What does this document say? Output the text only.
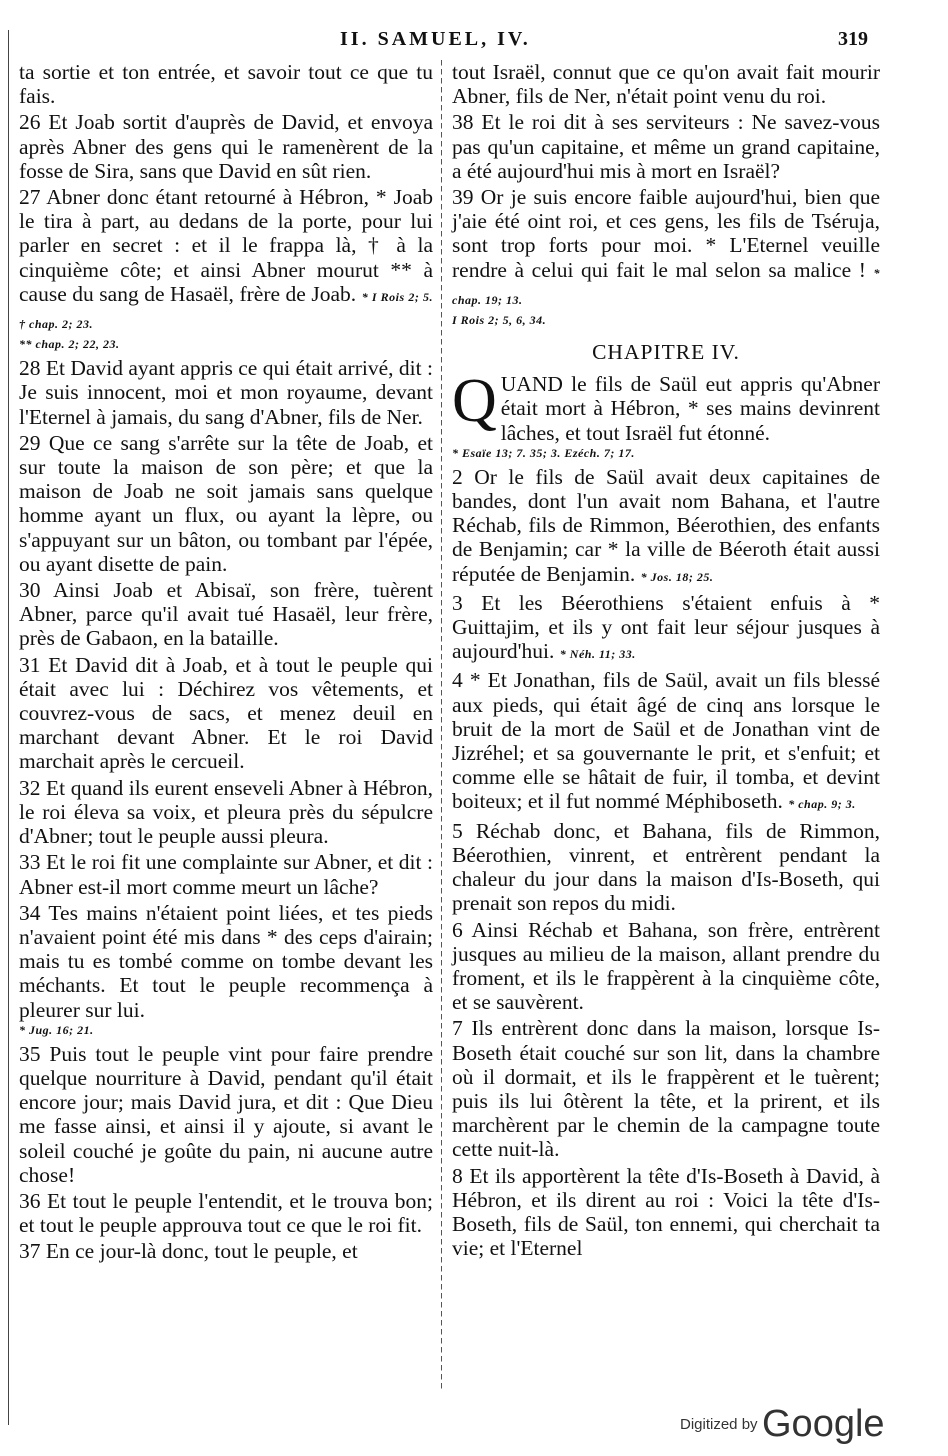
II. SAMUEL, IV.	319

ta sortie et ton entrée, et savoir tout ce que tu fais.

26 Et Joab sortit d'auprès de David, et envoya après Abner des gens qui le ramenèrent de la fosse de Sira, sans que David en sût rien.

27 Abner donc étant retourné à Hébron, * Joab le tira à part, au dedans de la porte, pour lui parler en secret : et il le frappa là, † à la cinquième côte; et ainsi Abner mourut ** à cause du sang de Hasaël, frère de Joab. * I Rois 2; 5. † chap. 2; 23.

** chap. 2; 22, 23.

28 Et David ayant appris ce qui était arrivé, dit : Je suis innocent, moi et mon royaume, devant l'Eternel à jamais, du sang d'Abner, fils de Ner.

29 Que ce sang s'arrête sur la tête de Joab, et sur toute la maison de son père; et que la maison de Joab ne soit jamais sans quelque homme ayant un flux, ou ayant la lèpre, ou s'appuyant sur un bâton, ou tombant par l'épée, ou ayant disette de pain.

30 Ainsi Joab et Abisaï, son frère, tuèrent Abner, parce qu'il avait tué Hasaël, leur frère, près de Gabaon, en la bataille.

31 Et David dit à Joab, et à tout le peuple qui était avec lui : Déchirez vos vêtements, et couvrez-vous de sacs, et menez deuil en marchant devant Abner. Et le roi David marchait après le cercueil.

32 Et quand ils eurent enseveli Abner à Hébron, le roi éleva sa voix, et pleura près du sépulcre d'Abner; tout le peuple aussi pleura.

33 Et le roi fit une complainte sur Abner, et dit : Abner est-il mort comme meurt un lâche?

34 Tes mains n'étaient point liées, et tes pieds n'avaient point été mis dans * des ceps d'airain; mais tu es tombé comme on tombe devant les méchants. Et tout le peuple recommença à pleurer sur lui.

* Jug. 16; 21.

35 Puis tout le peuple vint pour faire prendre quelque nourriture à David, pendant qu'il était encore jour; mais David jura, et dit : Que Dieu me fasse ainsi, et ainsi il y ajoute, si avant le soleil couché je goûte du pain, ni aucune autre chose!

36 Et tout le peuple l'entendit, et le trouva bon; et tout le peuple approuva tout ce que le roi fit.

37 En ce jour-là donc, tout le peuple, et

tout Israël, connut que ce qu'on avait fait mourir Abner, fils de Ner, n'était point venu du roi.

38 Et le roi dit à ses serviteurs : Ne savez-vous pas qu'un capitaine, et même un grand capitaine, a été aujourd'hui mis à mort en Israël?

39 Or je suis encore faible aujourd'hui, bien que j'aie été oint roi, et ces gens, les fils de Tséruja, sont trop forts pour moi. * L'Eternel veuille rendre à celui qui fait le mal selon sa malice ! * chap. 19; 13.

I Rois 2; 5, 6, 34.

CHAPITRE IV.

QUAND le fils de Saül eut appris qu'Abner était mort à Hébron, * ses mains devinrent lâches, et tout Israël fut étonné.

* Esaïe 13; 7. 35; 3. Ezéch. 7; 17.

2 Or le fils de Saül avait deux capitaines de bandes, dont l'un avait nom Bahana, et l'autre Réchab, fils de Rimmon, Béerothien, des enfants de Benjamin; car * la ville de Béeroth était aussi réputée de Benjamin. * Jos. 18; 25.

3 Et les Béerothiens s'étaient enfuis à * Guittajim, et ils y ont fait leur séjour jusques à aujourd'hui. * Néh. 11; 33.

4 * Et Jonathan, fils de Saül, avait un fils blessé aux pieds, qui était âgé de cinq ans lorsque le bruit de la mort de Saül et de Jonathan vint de Jizréhel; et sa gouvernante le prit, et s'enfuit; et comme elle se hâtait de fuir, il tomba, et devint boiteux; et il fut nommé Méphiboseth. * chap. 9; 3.

5 Réchab donc, et Bahana, fils de Rimmon, Béerothien, vinrent, et entrèrent pendant la chaleur du jour dans la maison d'Is-Boseth, qui prenait son repos du midi.

6 Ainsi Réchab et Bahana, son frère, entrèrent jusques au milieu de la maison, allant prendre du froment, et ils le frappèrent à la cinquième côte, et se sauvèrent.

7 Ils entrèrent donc dans la maison, lorsque Is-Boseth était couché sur son lit, dans la chambre où il dormait, et ils le frappèrent et le tuèrent; puis ils lui ôtèrent la tête, et la prirent, et ils marchèrent par le chemin de la campagne toute cette nuit-là.

8 Et ils apportèrent la tête d'Is-Boseth à David, à Hébron, et ils dirent au roi : Voici la tête d'Is-Boseth, fils de Saül, ton ennemi, qui cherchait ta vie; et l'Eternel

Digitized by Google
